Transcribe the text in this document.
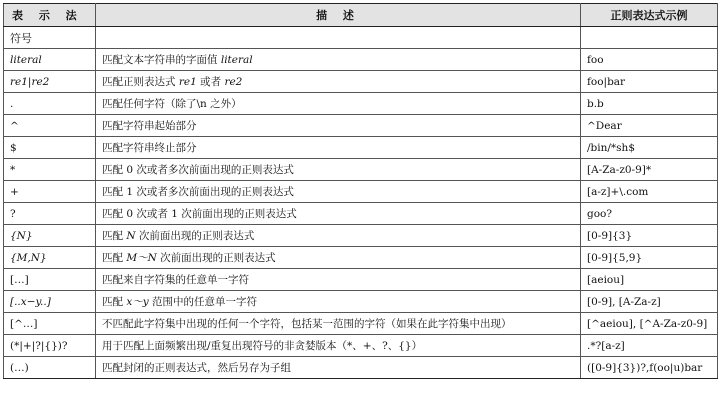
表 示 法	描 述	正则表达式示例
符号		
literal	匹配文本字符串的字面值 literal	foo
re1|re2	匹配正则表达式 re1 或者 re2	foo|bar
.	匹配任何字符（除了\n 之外）	b.b
^	匹配字符串起始部分	^Dear
$	匹配字符串终止部分	/bin/*sh$
*	匹配 0 次或者多次前面出现的正则表达式	[A-Za-z0-9]*
+	匹配 1 次或者多次前面出现的正则表达式	[a-z]+\.com
?	匹配 0 次或者 1 次前面出现的正则表达式	goo?
{N}	匹配 N 次前面出现的正则表达式	[0-9]{3}
{M,N}	匹配 M～N 次前面出现的正则表达式	[0-9]{5,9}
[…]	匹配来自字符集的任意单一字符	[aeiou]
[..x−y..]	匹配 x～y 范围中的任意单一字符	[0-9], [A-Za-z]
[^…]	不匹配此字符集中出现的任何一个字符，包括某一范围的字符（如果在此字符集中出现）	[^aeiou], [^A-Za-z0-9]
(*|+|?|{})?	用于匹配上面频繁出现/重复出现符号的非贪婪版本（*、+、?、{}）	.*?[a-z]
(…)	匹配封闭的正则表达式，然后另存为子组	([0-9]{3})?,f(oo|u)bar
